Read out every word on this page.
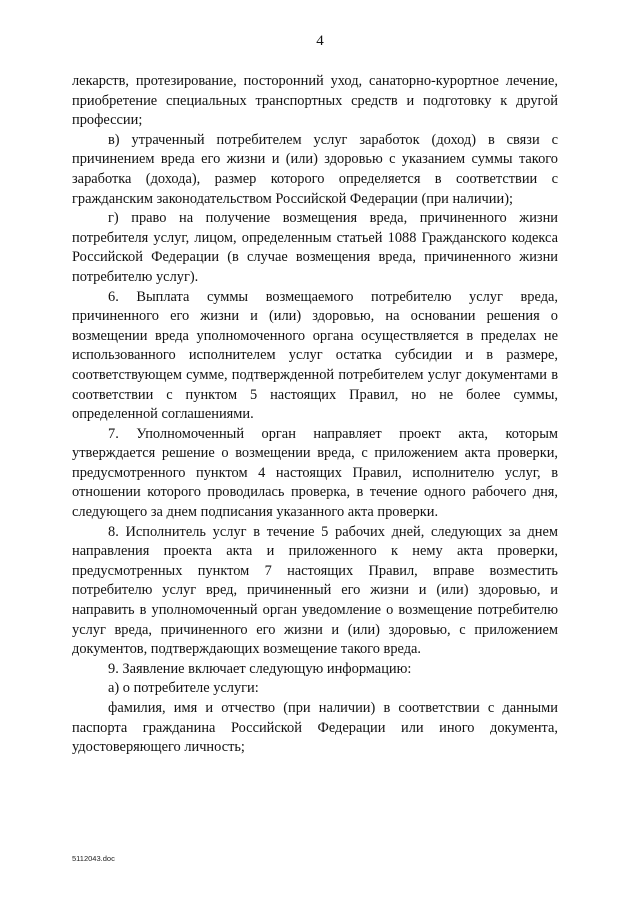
4

лекарств, протезирование, посторонний уход, санаторно-курортное лечение, приобретение специальных транспортных средств и подготовку к другой профессии;

в) утраченный потребителем услуг заработок (доход) в связи с причинением вреда его жизни и (или) здоровью с указанием суммы такого заработка (дохода), размер которого определяется в соответствии с гражданским законодательством Российской Федерации (при наличии);

г) право на получение возмещения вреда, причиненного жизни потребителя услуг, лицом, определенным статьей 1088 Гражданского кодекса Российской Федерации (в случае возмещения вреда, причиненного жизни потребителю услуг).

6. Выплата суммы возмещаемого потребителю услуг вреда, причиненного его жизни и (или) здоровью, на основании решения о возмещении вреда уполномоченного органа осуществляется в пределах не использованного исполнителем услуг остатка субсидии и в размере, соответствующем сумме, подтвержденной потребителем услуг документами в соответствии с пунктом 5 настоящих Правил, но не более суммы, определенной соглашениями.

7. Уполномоченный орган направляет проект акта, которым утверждается решение о возмещении вреда, с приложением акта проверки, предусмотренного пунктом 4 настоящих Правил, исполнителю услуг, в отношении которого проводилась проверка, в течение одного рабочего дня, следующего за днем подписания указанного акта проверки.

8. Исполнитель услуг в течение 5 рабочих дней, следующих за днем направления проекта акта и приложенного к нему акта проверки, предусмотренных пунктом 7 настоящих Правил, вправе возместить потребителю услуг вред, причиненный его жизни и (или) здоровью, и направить в уполномоченный орган уведомление о возмещение потребителю услуг вреда, причиненного его жизни и (или) здоровью, с приложением документов, подтверждающих возмещение такого вреда.

9. Заявление включает следующую информацию:

а) о потребителе услуги:

фамилия, имя и отчество (при наличии) в соответствии с данными паспорта гражданина Российской Федерации или иного документа, удостоверяющего личность;

5112043.doc
